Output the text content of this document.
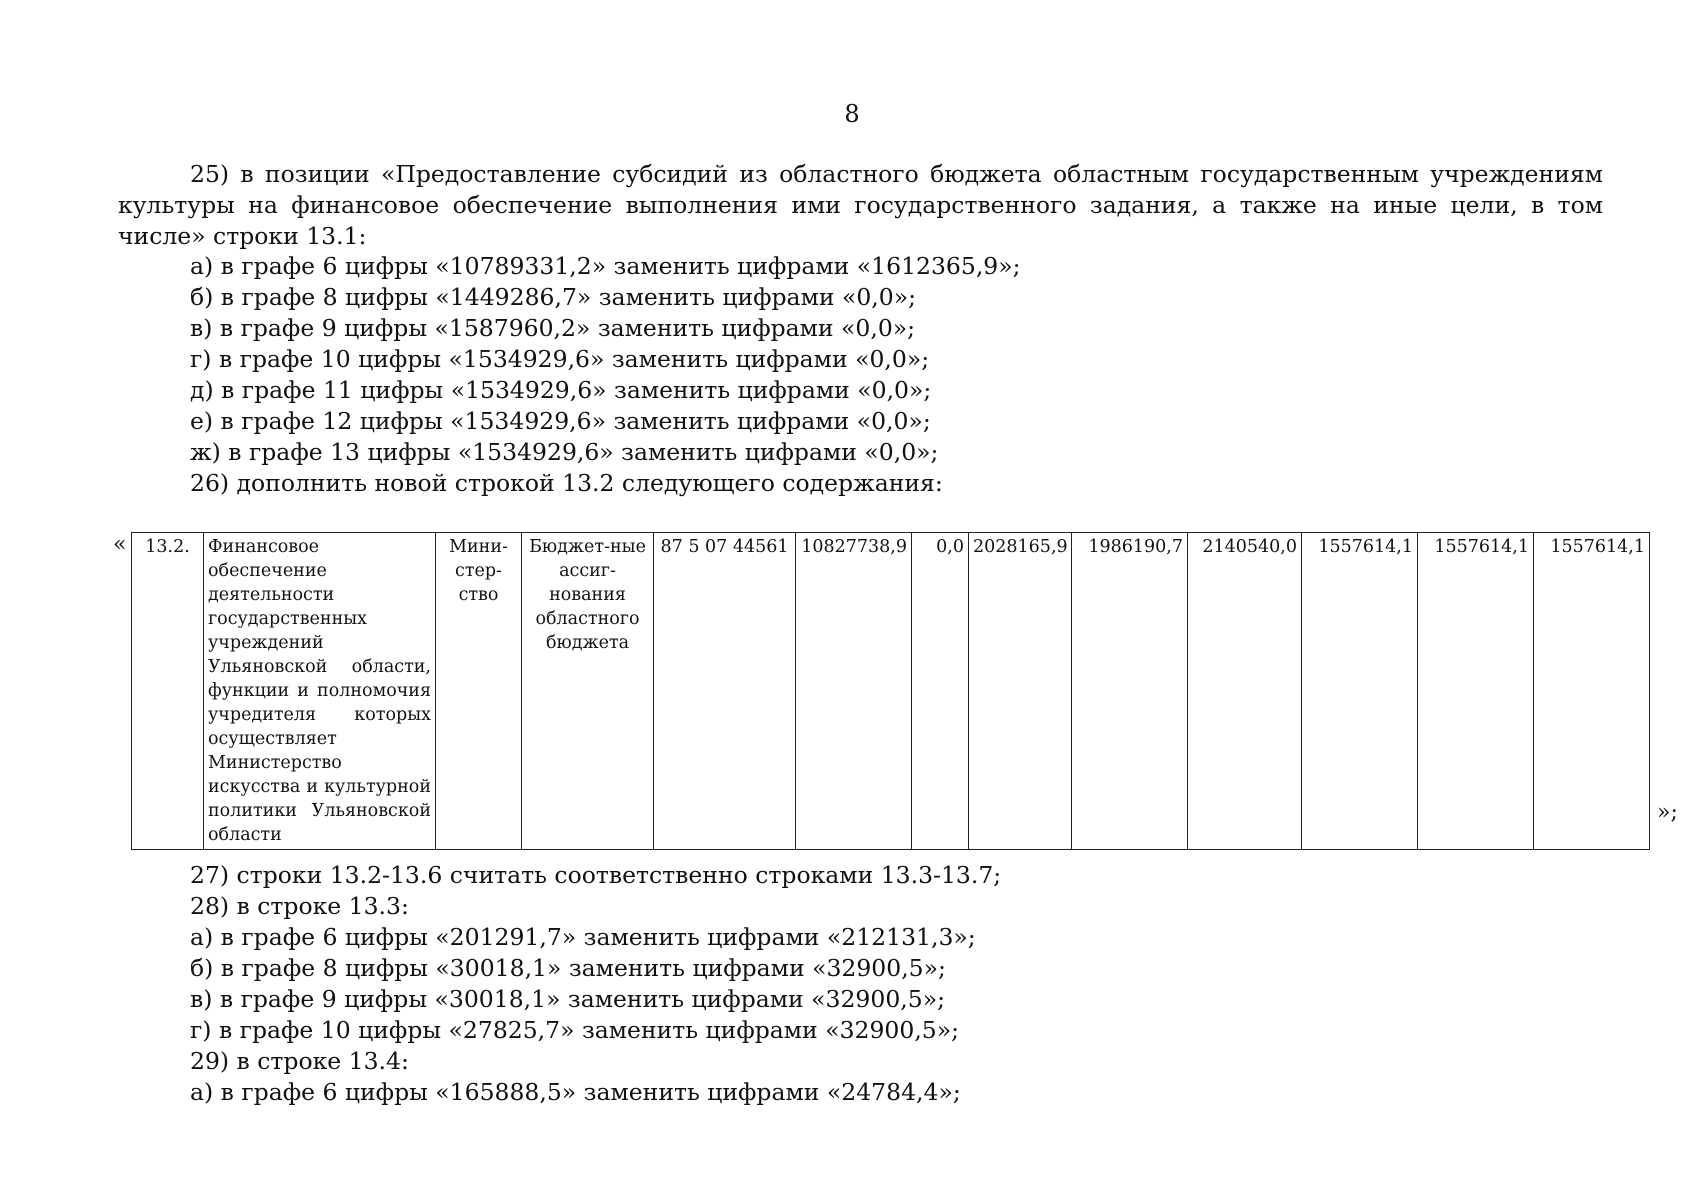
8
25) в позиции «Предоставление субсидий из областного бюджета областным государственным учреждениям культуры на финансовое обеспечение выполнения ими государственного задания, а также на иные цели, в том числе» строки 13.1:
а) в графе 6 цифры «10789331,2» заменить цифрами «1612365,9»;
б) в графе 8 цифры «1449286,7» заменить цифрами «0,0»;
в) в графе 9 цифры «1587960,2» заменить цифрами «0,0»;
г) в графе 10 цифры «1534929,6» заменить цифрами «0,0»;
д) в графе 11 цифры «1534929,6» заменить цифрами «0,0»;
е) в графе 12 цифры «1534929,6» заменить цифрами «0,0»;
ж) в графе 13 цифры «1534929,6» заменить цифрами «0,0»;
26) дополнить новой строкой 13.2 следующего содержания:
« 13.2.	Финансовое обеспечение деятельности государственных учреждений Ульяновской области, функции и полномочия учредителя которых осуществляет Министерство искусства и культурной политики Ульяновской области	Мини-стер-ство	Бюджет-ные ассиг-нования областного бюджета	87 5 07 44561	10827738,9	0,0	2028165,9	1986190,7	2140540,0	1557614,1	1557614,1	1557614,1
»;
27) строки 13.2-13.6 считать соответственно строками 13.3-13.7;
28) в строке 13.3:
а) в графе 6 цифры «201291,7» заменить цифрами «212131,3»;
б) в графе 8 цифры «30018,1» заменить цифрами «32900,5»;
в) в графе 9 цифры «30018,1» заменить цифрами «32900,5»;
г) в графе 10 цифры «27825,7» заменить цифрами «32900,5»;
29) в строке 13.4:
а) в графе 6 цифры «165888,5» заменить цифрами «24784,4»;
